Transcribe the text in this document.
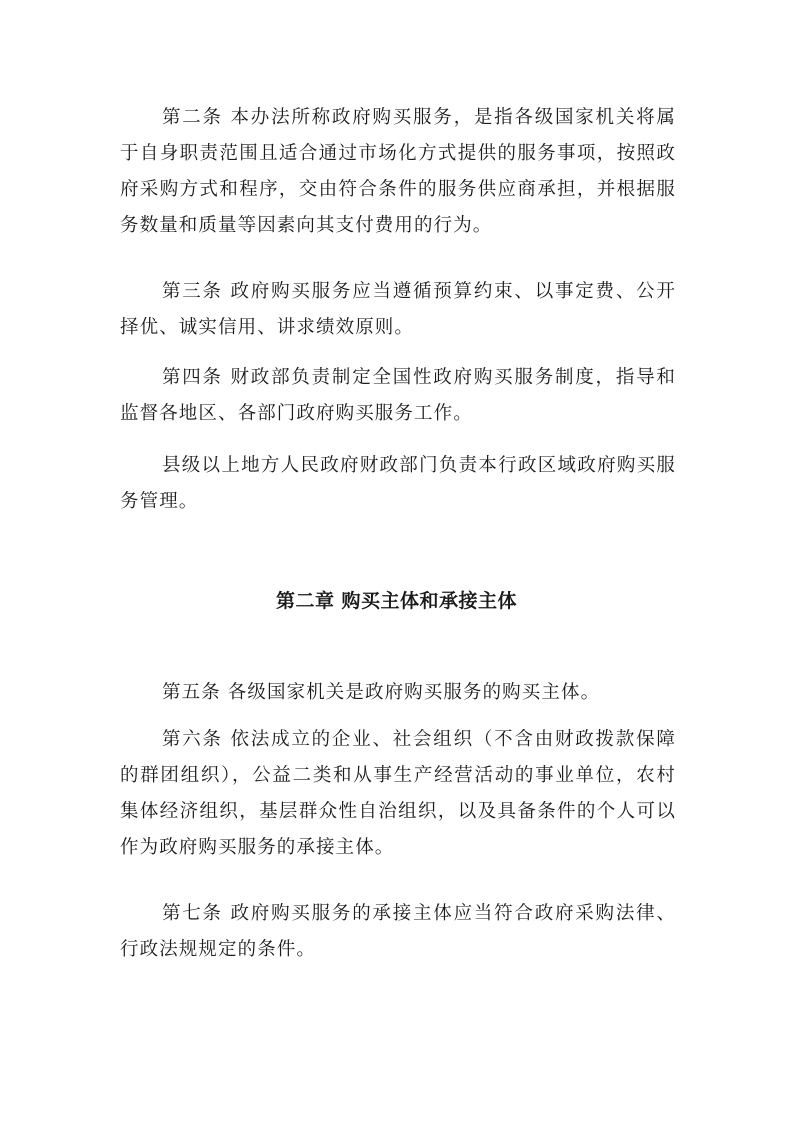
第二条 本办法所称政府购买服务，是指各级国家机关将属于自身职责范围且适合通过市场化方式提供的服务事项，按照政府采购方式和程序，交由符合条件的服务供应商承担，并根据服务数量和质量等因素向其支付费用的行为。

第三条 政府购买服务应当遵循预算约束、以事定费、公开择优、诚实信用、讲求绩效原则。

第四条 财政部负责制定全国性政府购买服务制度，指导和监督各地区、各部门政府购买服务工作。

县级以上地方人民政府财政部门负责本行政区域政府购买服务管理。

第二章 购买主体和承接主体

第五条 各级国家机关是政府购买服务的购买主体。

第六条 依法成立的企业、社会组织（不含由财政拨款保障的群团组织），公益二类和从事生产经营活动的事业单位，农村集体经济组织，基层群众性自治组织，以及具备条件的个人可以作为政府购买服务的承接主体。

第七条 政府购买服务的承接主体应当符合政府采购法律、行政法规规定的条件。
